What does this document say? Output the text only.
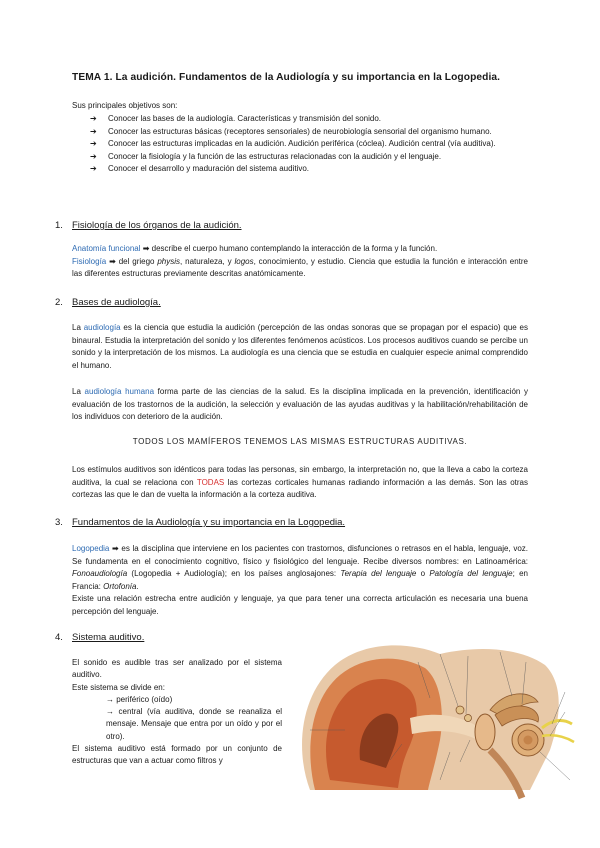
TEMA 1. La audición. Fundamentos de la Audiología y su importancia en la Logopedia.
Sus principales objetivos son:
➔ Conocer las bases de la audiología. Características y transmisión del sonido.
➔ Conocer las estructuras básicas (receptores sensoriales) de neurobiología sensorial del organismo humano.
➔ Conocer las estructuras implicadas en la audición. Audición periférica (cóclea). Audición central (vía auditiva).
➔ Conocer la fisiología y la función de las estructuras relacionadas con la audición y el lenguaje.
➔ Conocer el desarrollo y maduración del sistema auditivo.
1. Fisiología de los órganos de la audición.

Anatomía funcional ➡ describe el cuerpo humano contemplando la interacción de la forma y la función.
Fisiología ➡ del griego physis, naturaleza, y logos, conocimiento, y estudio. Ciencia que estudia la función e interacción entre las diferentes estructuras previamente descritas anatómicamente.

2. Bases de audiología.

La audiología es la ciencia que estudia la audición (percepción de las ondas sonoras que se propagan por el espacio) que es binaural. Estudia la interpretación del sonido y los diferentes fenómenos acústicos. Los procesos auditivos cuando se percibe un sonido y la interpretación de los mismos. La audiología es una ciencia que se estudia en cualquier especie animal comprendido el humano.

La audiología humana forma parte de las ciencias de la salud. Es la disciplina implicada en la prevención, identificación y evaluación de los trastornos de la audición, la selección y evaluación de las ayudas auditivas y la habilitación/rehabilitación de los individuos con deterioro de la audición.

TODOS LOS MAMÍFEROS TENEMOS LAS MISMAS ESTRUCTURAS AUDITIVAS.

Los estímulos auditivos son idénticos para todas las personas, sin embargo, la interpretación no, que la lleva a cabo la corteza auditiva, la cual se relaciona con TODAS las cortezas corticales humanas radiando información a las demás. Son las otras cortezas las que le dan de vuelta la información a la corteza auditiva.

3. Fundamentos de la Audiología y su importancia en la Logopedia.

Logopedia ➡ es la disciplina que interviene en los pacientes con trastornos, disfunciones o retrasos en el habla, lenguaje, voz. Se fundamenta en el conocimiento cognitivo, físico y fisiológico del lenguaje. Recibe diversos nombres: en Latinoamérica: Fonoaudiología (Logopedia + Audiología); en los países anglosajones: Terapia del lenguaje o Patología del lenguaje; en Francia: Ortofonía.
Existe una relación estrecha entre audición y lenguaje, ya que para tener una correcta articulación es necesaria una buena percepción del lenguaje.

4. Sistema auditivo.

El sonido es audible tras ser analizado por el sistema auditivo.

Este sistema se divide en:

→ periférico (oído)

→ central (vía auditiva, donde se reanaliza el mensaje. Mensaje que entra por un oído y por el otro).

El sistema auditivo está formado por un conjunto de estructuras que van a actuar como filtros y
